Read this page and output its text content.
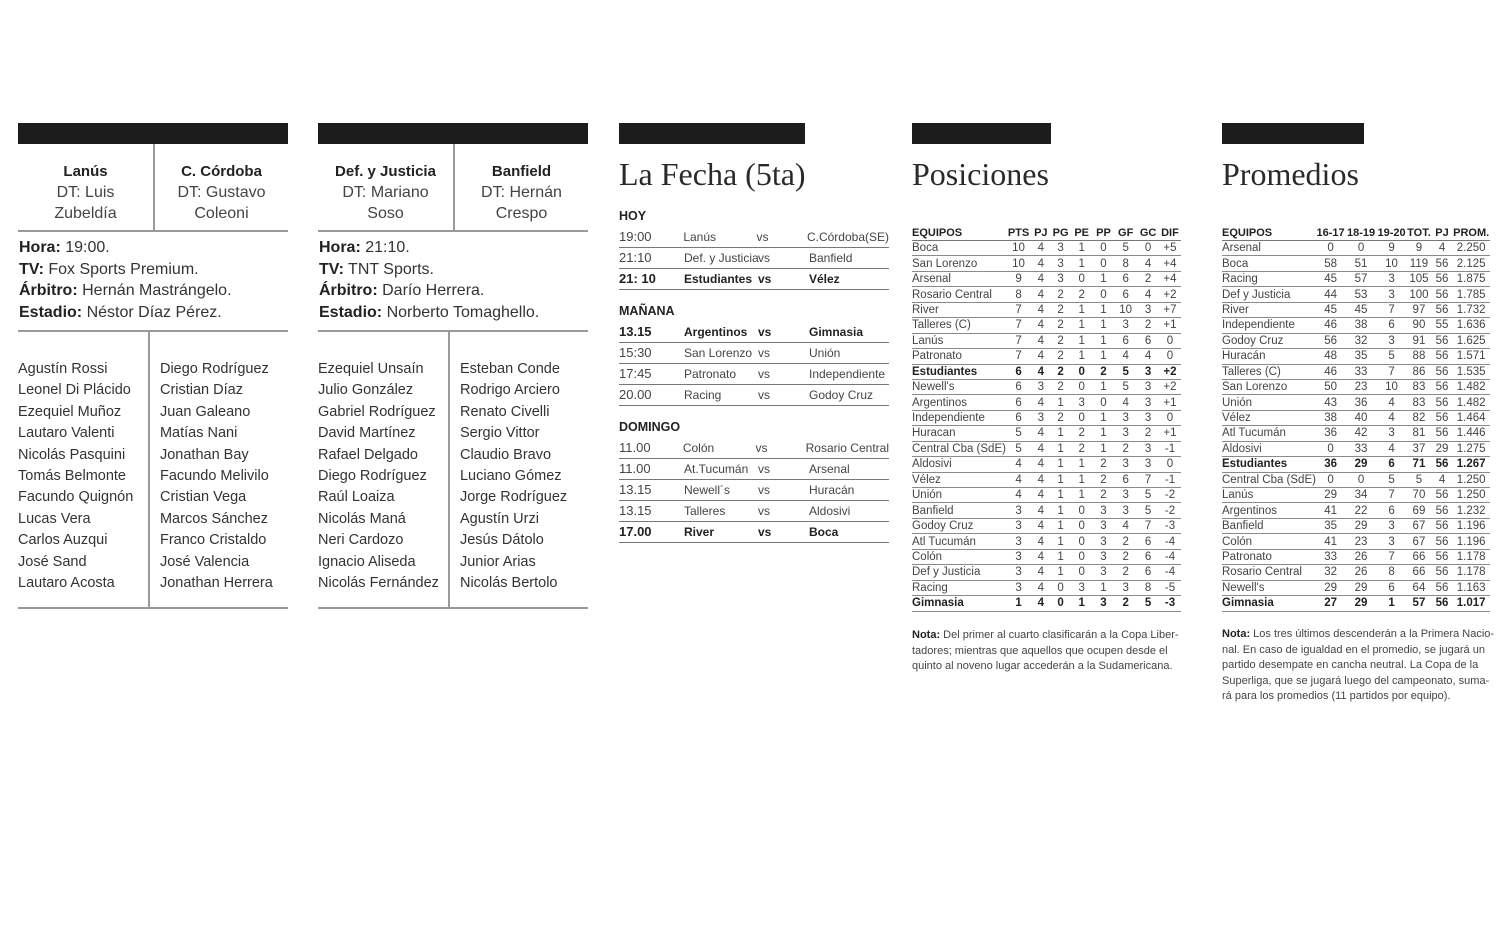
Lanús
DT: Luis
Zubeldía
C. Córdoba
DT: Gustavo
Coleoni
Hora: 19:00.
TV: Fox Sports Premium.
Árbitro: Hernán Mastrángelo.
Estadio: Néstor Díaz Pérez.
Agustín Rossi
Leonel Di Plácido
Ezequiel Muñoz
Lautaro Valenti
Nicolás Pasquini
Tomás Belmonte
Facundo Quignón
Lucas Vera
Carlos Auzqui
José Sand
Lautaro Acosta
Diego Rodríguez
Cristian Díaz
Juan Galeano
Matías Nani
Jonathan Bay
Facundo Melivilo
Cristian Vega
Marcos Sánchez
Franco Cristaldo
José Valencia
Jonathan Herrera
Def. y Justicia
DT: Mariano
Soso
Banfield
DT: Hernán
Crespo
Hora: 21:10.
TV: TNT Sports.
Árbitro: Darío Herrera.
Estadio: Norberto Tomaghello.
Ezequiel Unsaín
Julio González
Gabriel Rodríguez
David Martínez
Rafael Delgado
Diego Rodríguez
Raúl Loaiza
Nicolás Maná
Neri Cardozo
Ignacio Aliseda
Nicolás Fernández
Esteban Conde
Rodrigo Arciero
Renato Civelli
Sergio Vittor
Claudio Bravo
Luciano Gómez
Jorge Rodríguez
Agustín Urzi
Jesús Dátolo
Junior Arias
Nicolás Bertolo
La Fecha (5ta)
HOY
19:00	Lanús	vs	C.Córdoba(SE)
21:10	Def. y Justicia vs	Banfield
21: 10	Estudiantes vs	Vélez
MAÑANA
13.15	Argentinos vs	Gimnasia
15:30	San Lorenzo vs	Unión
17:45	Patronato	vs	Independiente
20.00	Racing	vs	Godoy Cruz
DOMINGO
11.00	Colón	vs	Rosario Central
11.00	At.Tucumán vs	Arsenal
13.15	Newell´s	vs	Huracán
13.15	Talleres	vs	Aldosivi
17.00	River	vs	Boca
Posiciones
EQUIPOS	PTS	PJ	PG	PE	PP	GF	GC	DIF
Boca	10	4	3	1	0	5	0	+5
San Lorenzo	10	4	3	1	0	8	4	+4
Arsenal	9	4	3	0	1	6	2	+4
Rosario Central	8	4	2	2	0	6	4	+2
River	7	4	2	1	1	10	3	+7
Talleres (C)	7	4	2	1	1	3	2	+1
Lanús	7	4	2	1	1	6	6	0
Patronato	7	4	2	1	1	4	4	0
Estudiantes	6	4	2	0	2	5	3	+2
Newell's	6	3	2	0	1	5	3	+2
Argentinos	6	4	1	3	0	4	3	+1
Independiente	6	3	2	0	1	3	3	0
Huracan	5	4	1	2	1	3	2	+1
Central Cba (SdE)	5	4	1	2	1	2	3	-1
Aldosivi	4	4	1	1	2	3	3	0
Vélez	4	4	1	1	2	6	7	-1
Unión	4	4	1	1	2	3	5	-2
Banfield	3	4	1	0	3	3	5	-2
Godoy Cruz	3	4	1	0	3	4	7	-3
Atl Tucumán	3	4	1	0	3	2	6	-4
Colón	3	4	1	0	3	2	6	-4
Def y Justicia	3	4	1	0	3	2	6	-4
Racing	3	4	0	3	1	3	8	-5
Gimnasia	1	4	0	1	3	2	5	-3
Nota: Del primer al cuarto clasificarán a la Copa Liber-
tadores; mientras que aquellos que ocupen desde el
quinto al noveno lugar accederán a la Sudamericana.
Promedios
EQUIPOS	16-17	18-19	19-20	TOT.	PJ	PROM.
Arsenal	0	0	9	9	4	2.250
Boca	58	51	10	119	56	2.125
Racing	45	57	3	105	56	1.875
Def y Justicia	44	53	3	100	56	1.785
River	45	45	7	97	56	1.732
Independiente	46	38	6	90	55	1.636
Godoy Cruz	56	32	3	91	56	1.625
Huracán	48	35	5	88	56	1.571
Talleres (C)	46	33	7	86	56	1.535
San Lorenzo	50	23	10	83	56	1.482
Unión	43	36	4	83	56	1.482
Vélez	38	40	4	82	56	1.464
Atl Tucumán	36	42	3	81	56	1.446
Aldosivi	0	33	4	37	29	1.275
Estudiantes	36	29	6	71	56	1.267
Central Cba (SdE)	0	0	5	5	4	1.250
Lanús	29	34	7	70	56	1.250
Argentinos	41	22	6	69	56	1.232
Banfield	35	29	3	67	56	1.196
Colón	41	23	3	67	56	1.196
Patronato	33	26	7	66	56	1.178
Rosario Central	32	26	8	66	56	1.178
Newell's	29	29	6	64	56	1.163
Gimnasia	27	29	1	57	56	1.017
Nota: Los tres últimos descenderán a la Primera Nacio-
nal. En caso de igualdad en el promedio, se jugará un
partido desempate en cancha neutral. La Copa de la
Superliga, que se jugará luego del campeonato, suma-
rá para los promedios (11 partidos por equipo).
